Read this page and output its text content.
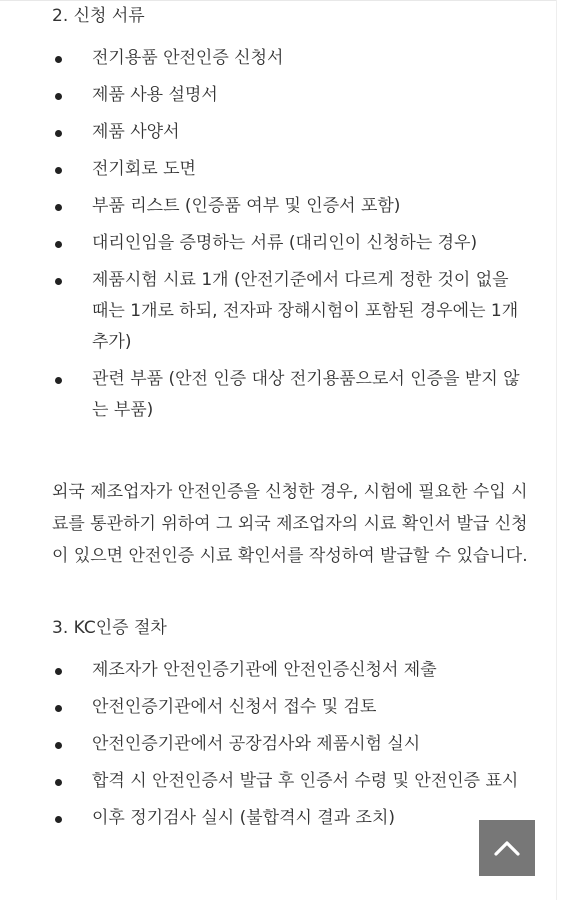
2. 신청 서류
전기용품 안전인증 신청서
제품 사용 설명서
제품 사양서
전기회로 도면
부품 리스트 (인증품 여부 및 인증서 포함)
대리인임을 증명하는 서류 (대리인이 신청하는 경우)
제품시험 시료 1개 (안전기준에서 다르게 정한 것이 없을 때는 1개로 하되, 전자파 장해시험이 포함된 경우에는 1개 추가)
관련 부품 (안전 인증 대상 전기용품으로서 인증을 받지 않는 부품)

외국 제조업자가 안전인증을 신청한 경우, 시험에 필요한 수입 시료를 통관하기 위하여 그 외국 제조업자의 시료 확인서 발급 신청이 있으면 안전인증 시료 확인서를 작성하여 발급할 수 있습니다.

3. KC인증 절차
제조자가 안전인증기관에 안전인증신청서 제출
안전인증기관에서 신청서 접수 및 검토
안전인증기관에서 공장검사와 제품시험 실시
합격 시 안전인증서 발급 후 인증서 수령 및 안전인증 표시
이후 정기검사 실시 (불합격시 결과 조치)
